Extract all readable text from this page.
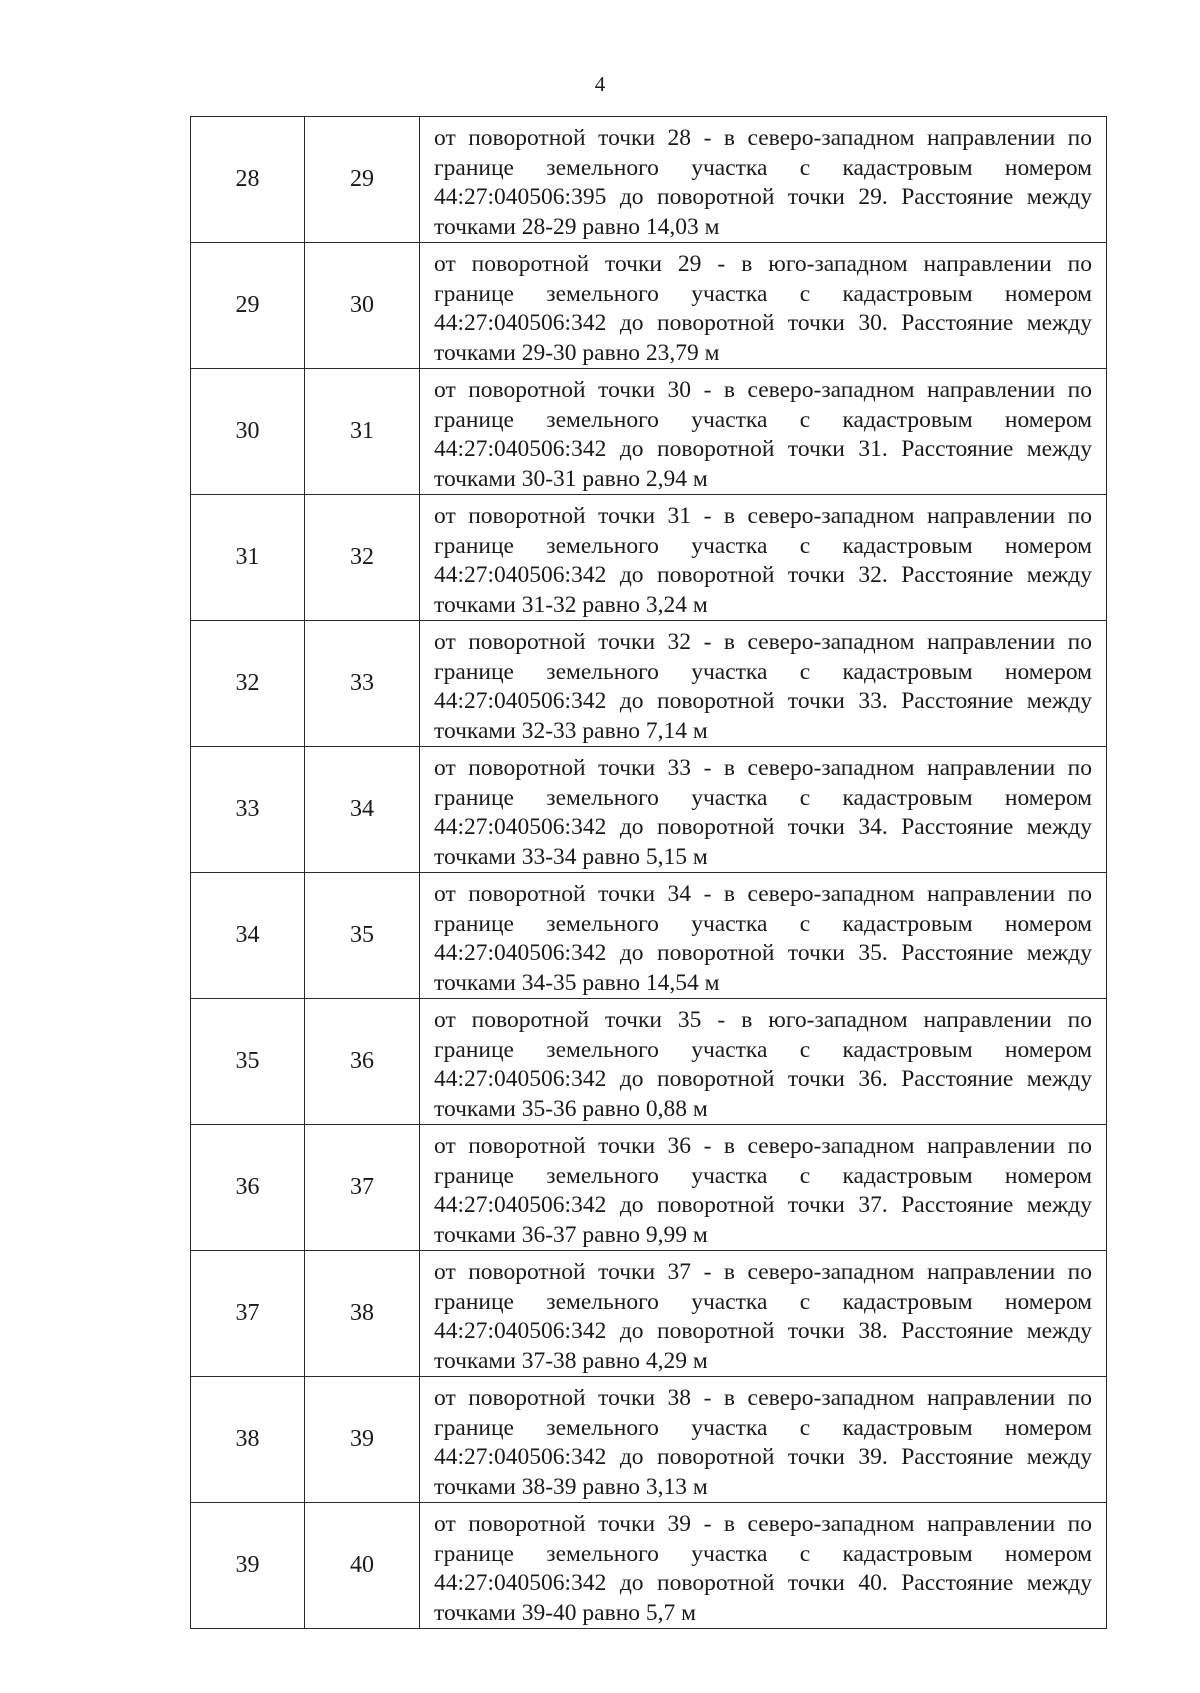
4
28	29	от поворотной точки 28 - в северо-западном направлении по границе земельного участка с кадастровым номером 44:27:040506:395 до поворотной точки 29. Расстояние между точками 28-29 равно 14,03 м
29	30	от поворотной точки 29 - в юго-западном направлении по границе земельного участка с кадастровым номером 44:27:040506:342 до поворотной точки 30. Расстояние между точками 29-30 равно 23,79 м
30	31	от поворотной точки 30 - в северо-западном направлении по границе земельного участка с кадастровым номером 44:27:040506:342 до поворотной точки 31. Расстояние между точками 30-31 равно 2,94 м
31	32	от поворотной точки 31 - в северо-западном направлении по границе земельного участка с кадастровым номером 44:27:040506:342 до поворотной точки 32. Расстояние между точками 31-32 равно 3,24 м
32	33	от поворотной точки 32 - в северо-западном направлении по границе земельного участка с кадастровым номером 44:27:040506:342 до поворотной точки 33. Расстояние между точками 32-33 равно 7,14 м
33	34	от поворотной точки 33 - в северо-западном направлении по границе земельного участка с кадастровым номером 44:27:040506:342 до поворотной точки 34. Расстояние между точками 33-34 равно 5,15 м
34	35	от поворотной точки 34 - в северо-западном направлении по границе земельного участка с кадастровым номером 44:27:040506:342 до поворотной точки 35. Расстояние между точками 34-35 равно 14,54 м
35	36	от поворотной точки 35 - в юго-западном направлении по границе земельного участка с кадастровым номером 44:27:040506:342 до поворотной точки 36. Расстояние между точками 35-36 равно 0,88 м
36	37	от поворотной точки 36 - в северо-западном направлении по границе земельного участка с кадастровым номером 44:27:040506:342 до поворотной точки 37. Расстояние между точками 36-37 равно 9,99 м
37	38	от поворотной точки 37 - в северо-западном направлении по границе земельного участка с кадастровым номером 44:27:040506:342 до поворотной точки 38. Расстояние между точками 37-38 равно 4,29 м
38	39	от поворотной точки 38 - в северо-западном направлении по границе земельного участка с кадастровым номером 44:27:040506:342 до поворотной точки 39. Расстояние между точками 38-39 равно 3,13 м
39	40	от поворотной точки 39 - в северо-западном направлении по границе земельного участка с кадастровым номером 44:27:040506:342 до поворотной точки 40. Расстояние между точками 39-40 равно 5,7 м
